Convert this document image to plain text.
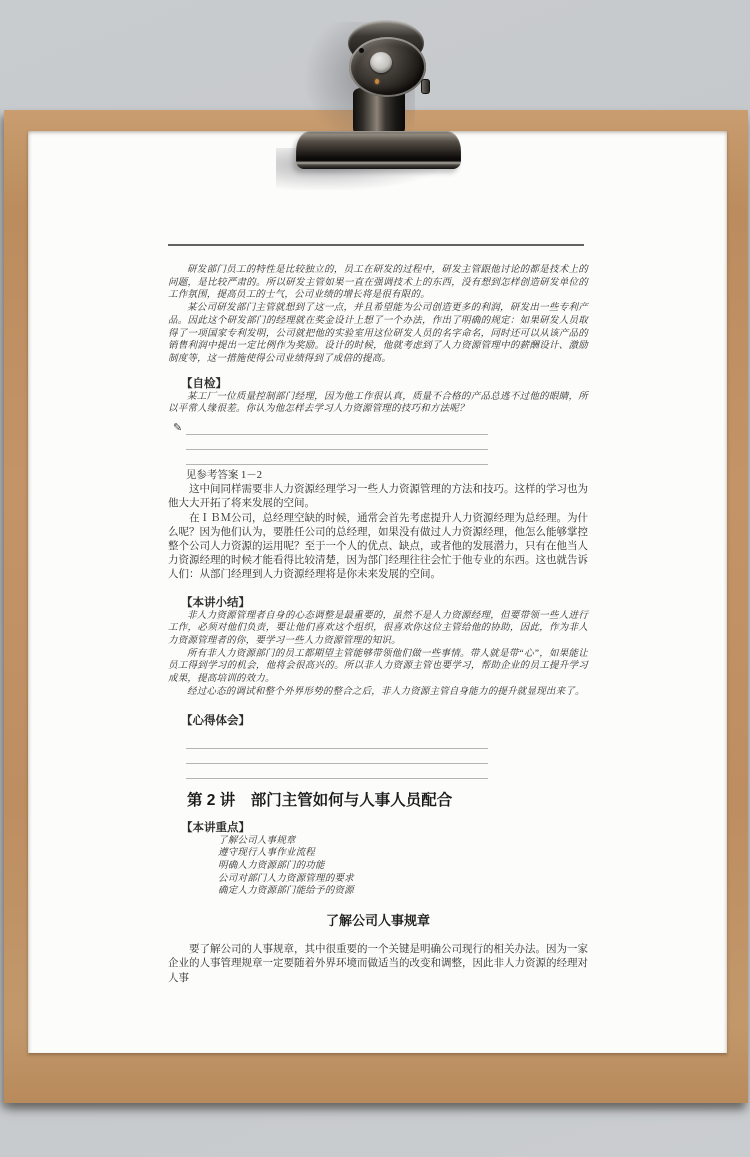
研发部门员工的特性是比较独立的，员工在研发的过程中，研发主管跟他讨论的都是技术上的问题，是比较严肃的。所以研发主管如果一直在强调技术上的东西，没有想到怎样创造研发单位的工作氛围，提高员工的士气，公司业绩的增长将是很有限的。

某公司研发部门主管就想到了这一点，并且希望能为公司创造更多的利润，研发出一些专利产品。因此这个研发部门的经理就在奖金设计上想了一个办法，作出了明确的规定：如果研发人员取得了一项国家专利发明，公司就把他的实验室用这位研发人员的名字命名，同时还可以从该产品的销售利润中提出一定比例作为奖励。设计的时候，他就考虑到了人力资源管理中的薪酬设计、激励制度等，这一措施使得公司业绩得到了成倍的提高。

【自检】

某工厂一位质量控制部门经理，因为他工作很认真，质量不合格的产品总逃不过他的眼睛，所以平常人缘很差。你认为他怎样去学习人力资源管理的技巧和方法呢？

✎

见参考答案 1－2

这中间同样需要非人力资源经理学习一些人力资源管理的方法和技巧。这样的学习也为他大大开拓了将来发展的空间。

在ＩＢＭ公司，总经理空缺的时候，通常会首先考虑提升人力资源经理为总经理。为什么呢？因为他们认为，要胜任公司的总经理，如果没有做过人力资源经理，他怎么能够掌控整个公司人力资源的运用呢？至于一个人的优点、缺点，或者他的发展潜力，只有在他当人力资源经理的时候才能看得比较清楚，因为部门经理往往会忙于他专业的东西。这也就告诉人们：从部门经理到人力资源经理将是你未来发展的空间。

【本讲小结】

非人力资源管理者自身的心态调整是最重要的，虽然不是人力资源经理，但要带领一些人进行工作，必须对他们负责，要让他们喜欢这个组织，很喜欢你这位主管给他的协助，因此，作为非人力资源管理者的你，要学习一些人力资源管理的知识。

所有非人力资源部门的员工都期望主管能够带领他们做一些事情。带人就是带“心”，如果能让员工得到学习的机会，他将会很高兴的。所以非人力资源主管也要学习，帮助企业的员工提升学习成果，提高培训的效力。

经过心态的调试和整个外界形势的整合之后，非人力资源主管自身能力的提升就显现出来了。

【心得体会】
第 2 讲　部门主管如何与人事人员配合
【本讲重点】
了解公司人事规章
遵守现行人事作业流程
明确人力资源部门的功能
公司对部门人力资源管理的要求
确定人力资源部门能给予的资源
了解公司人事规章

要了解公司的人事规章，其中很重要的一个关键是明确公司现行的相关办法。因为一家企业的人事管理规章一定要随着外界环境而做适当的改变和调整，因此非人力资源的经理对人事
